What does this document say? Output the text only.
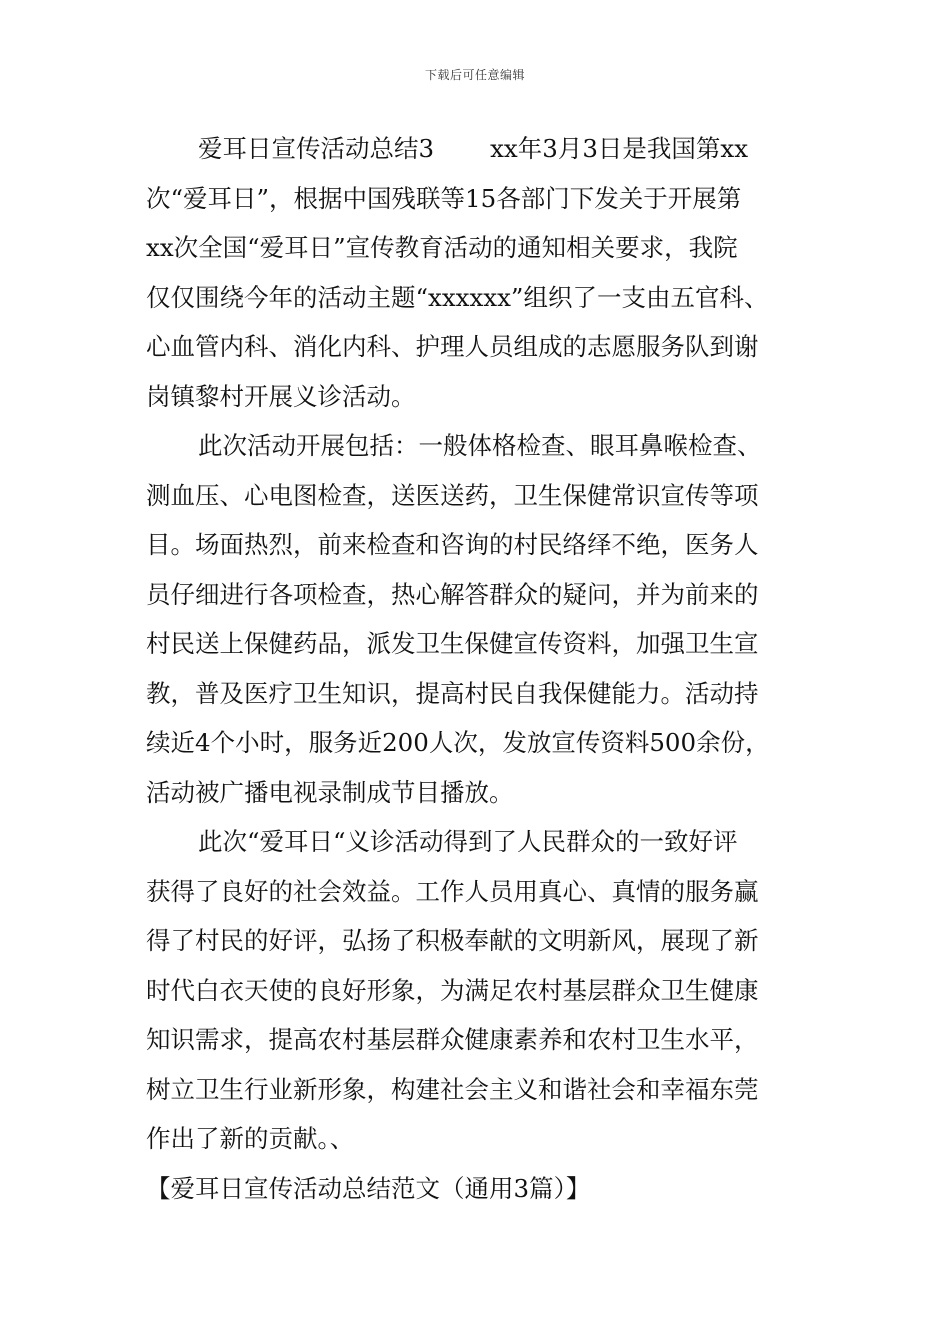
下载后可任意编辑

爱耳日宣传活动总结3 xx年3月3日是我国第xx
次“爱耳日”，根据中国残联等15各部门下发关于开展第
xx次全国“爱耳日”宣传教育活动的通知相关要求，我院
仅仅围绕今年的活动主题“xxxxxx”组织了一支由五官科、
心血管内科、消化内科、护理人员组成的志愿服务队到谢
岗镇黎村开展义诊活动。

此次活动开展包括：一般体格检查、眼耳鼻喉检查、
测血压、心电图检查，送医送药，卫生保健常识宣传等项
目。场面热烈，前来检查和咨询的村民络绎不绝，医务人
员仔细进行各项检查，热心解答群众的疑问，并为前来的
村民送上保健药品，派发卫生保健宣传资料，加强卫生宣
教，普及医疗卫生知识，提高村民自我保健能力。活动持
续近4个小时，服务近200人次，发放宣传资料500余份，
活动被广播电视录制成节目播放。

此次“爱耳日“义诊活动得到了人民群众的一致好评
获得了良好的社会效益。工作人员用真心、真情的服务赢
得了村民的好评，弘扬了积极奉献的文明新风，展现了新
时代白衣天使的良好形象，为满足农村基层群众卫生健康
知识需求，提高农村基层群众健康素养和农村卫生水平，
树立卫生行业新形象，构建社会主义和谐社会和幸福东莞
作出了新的贡献。、

【爱耳日宣传活动总结范文（通用3篇）】
